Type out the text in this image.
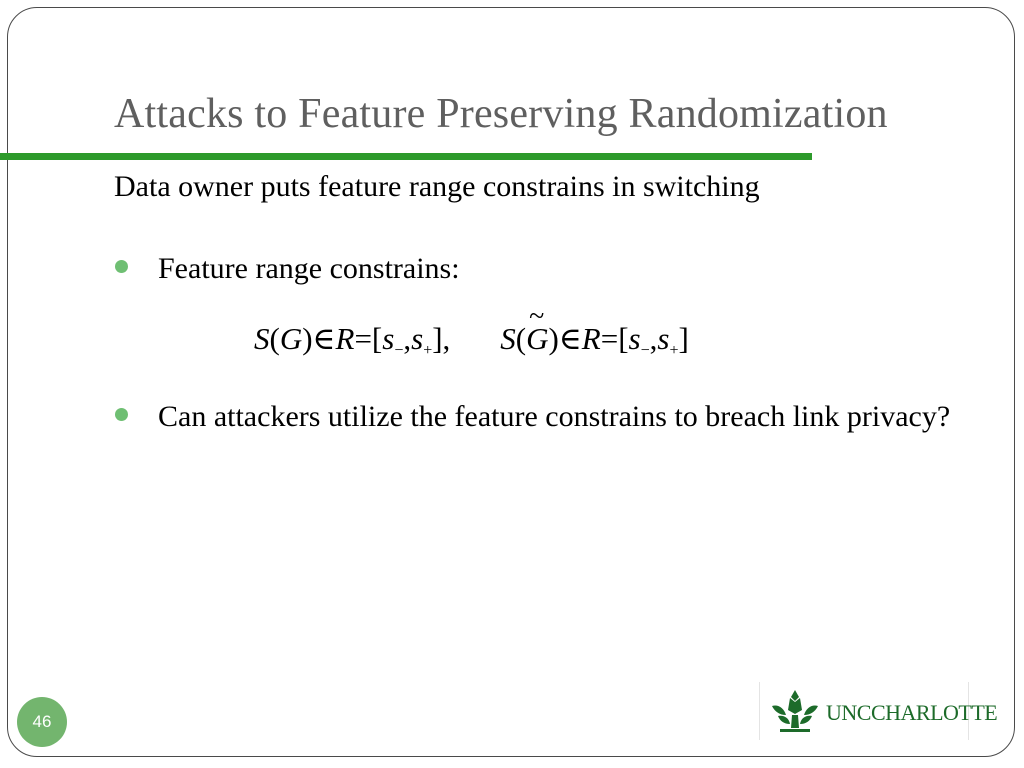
Attacks to Feature Preserving Randomization
Data owner puts feature range constrains in switching
Feature range constrains:
$S(G)\in R=[s_-,s_+]$, S(~ $G)\in R=[s_-,s_+]$
Can attackers utilize the feature constrains to breach link privacy?
46	UNCCHARLOTTE
